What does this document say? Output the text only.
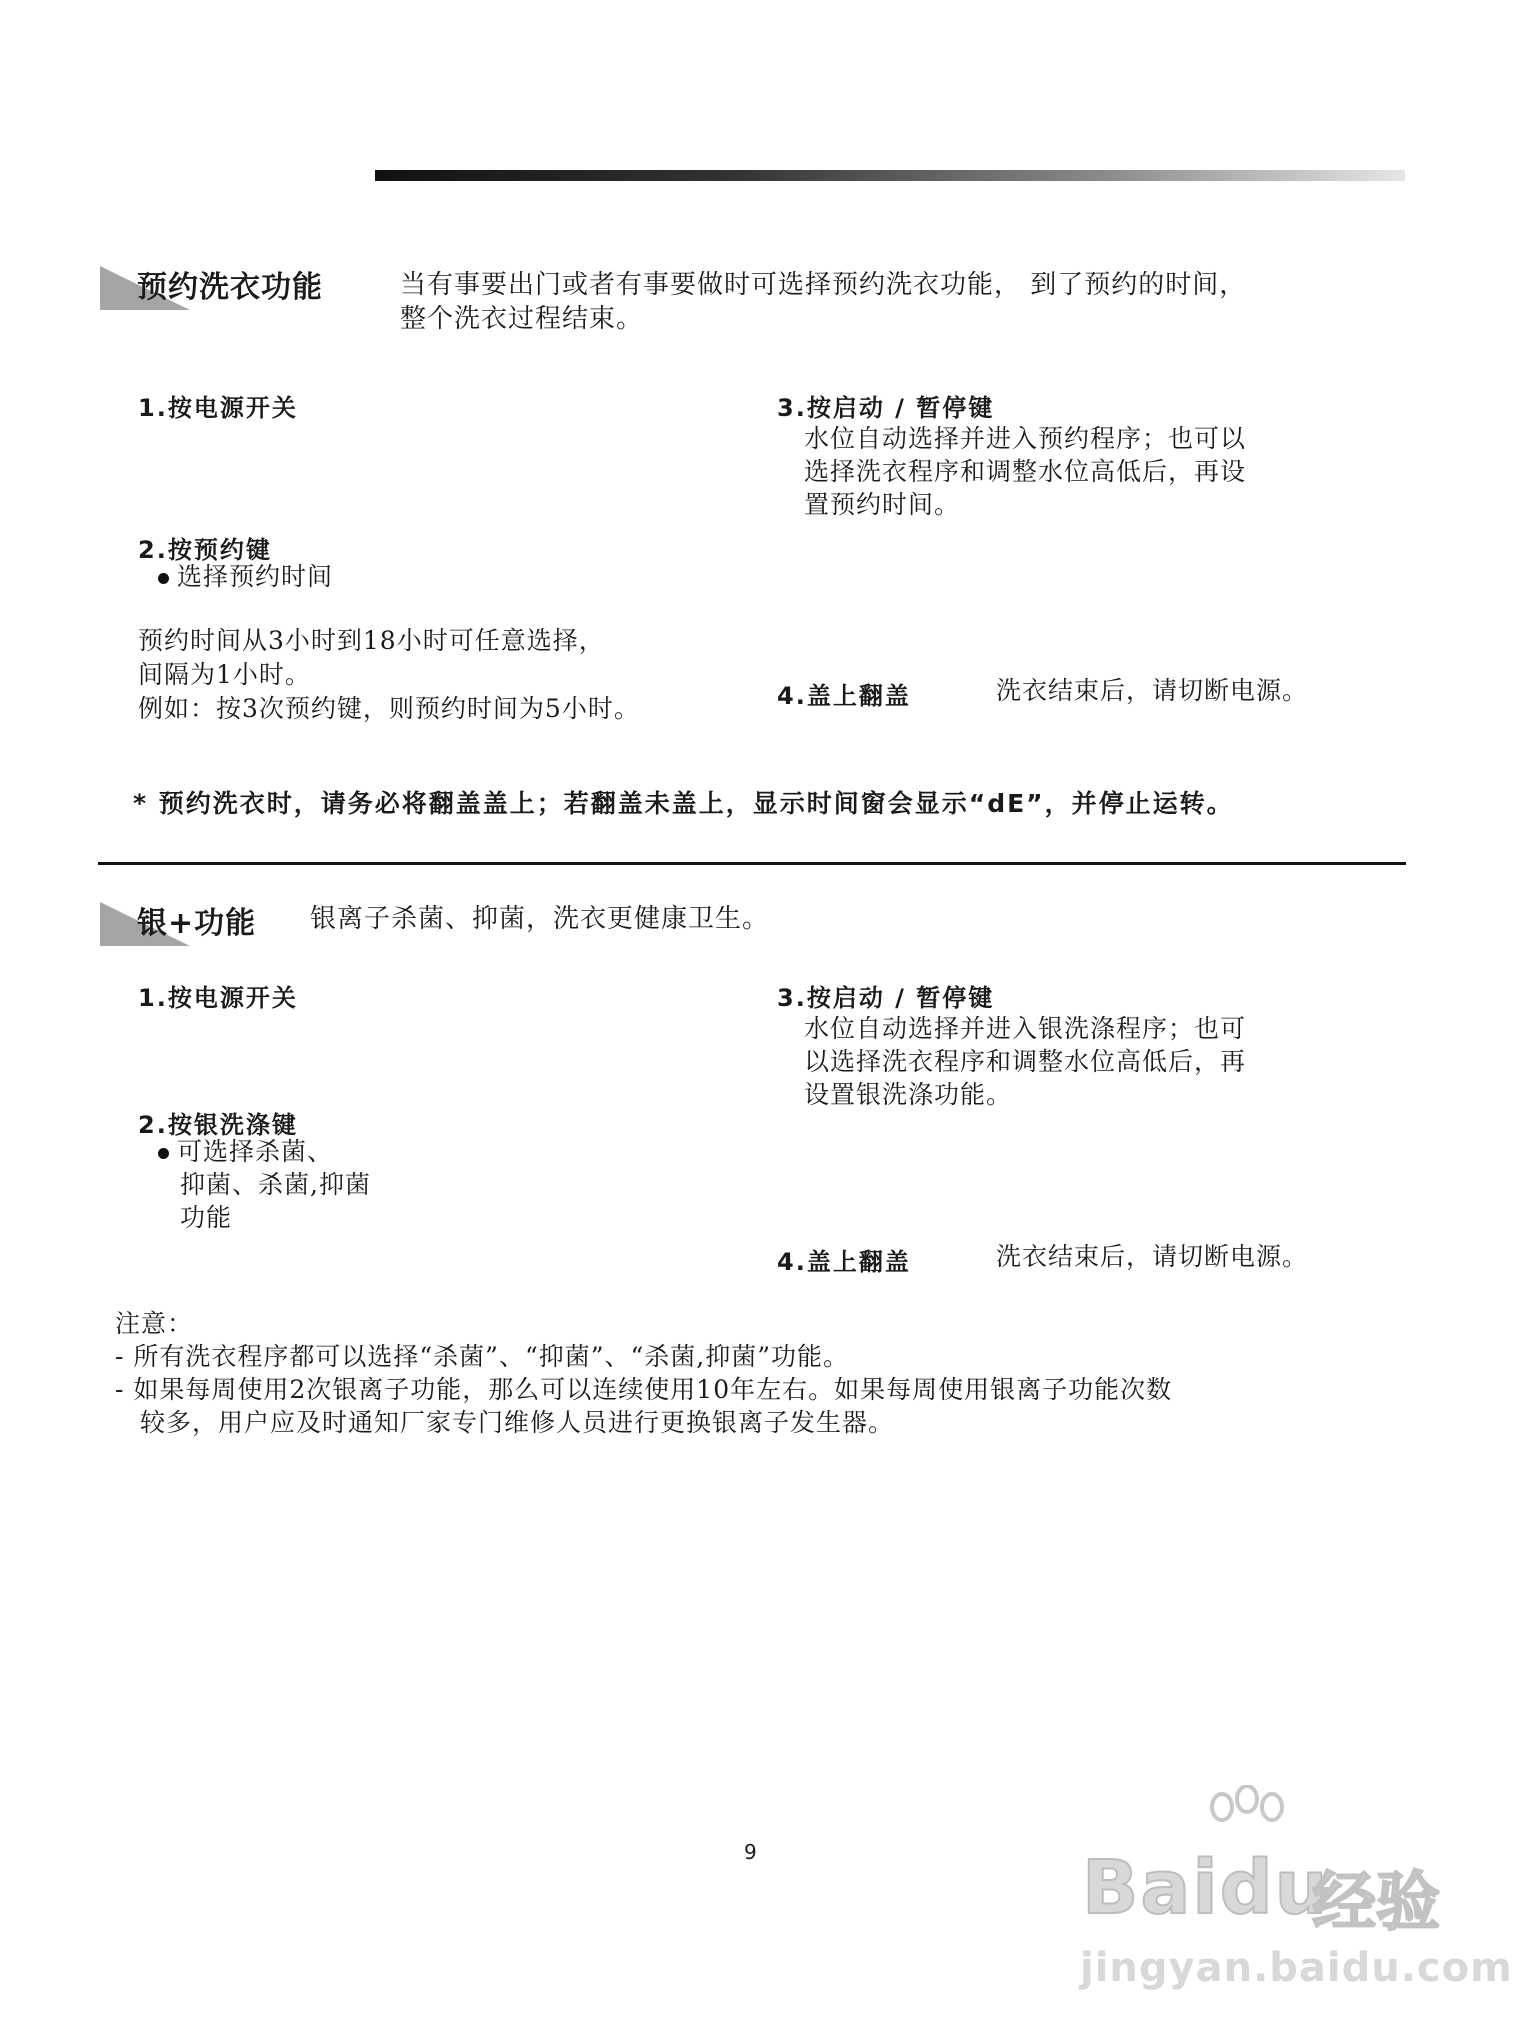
预约洗衣功能	当有事要出门或者有事要做时可选择预约洗衣功能， 到了预约的时间，
整个洗衣过程结束。
1.按电源开关
2.按预约键
选择预约时间
预约时间从3小时到18小时可任意选择，
间隔为1小时。
例如：按3次预约键，则预约时间为5小时。
3.按启动 / 暂停键
水位自动选择并进入预约程序；也可以
选择洗衣程序和调整水位高低后，再设
置预约时间。
4.盖上翻盖	洗衣结束后，请切断电源。
* 预约洗衣时，请务必将翻盖盖上；若翻盖未盖上，显示时间窗会显示“dE”，并停止运转。
银+功能 银离子杀菌、抑菌，洗衣更健康卫生。
1.按电源开关
2.按银洗涤键
可选择杀菌、
抑菌、杀菌,抑菌
功能
3.按启动 / 暂停键
水位自动选择并进入银洗涤程序；也可
以选择洗衣程序和调整水位高低后，再
设置银洗涤功能。
4.盖上翻盖	洗衣结束后，请切断电源。
注意：
- 所有洗衣程序都可以选择“杀菌”、“抑菌”、“杀菌,抑菌”功能。
- 如果每周使用2次银离子功能，那么可以连续使用10年左右。如果每周使用银离子功能次数
较多，用户应及时通知厂家专门维修人员进行更换银离子发生器。
9	Baidu
经验
jingyan.baidu.com
